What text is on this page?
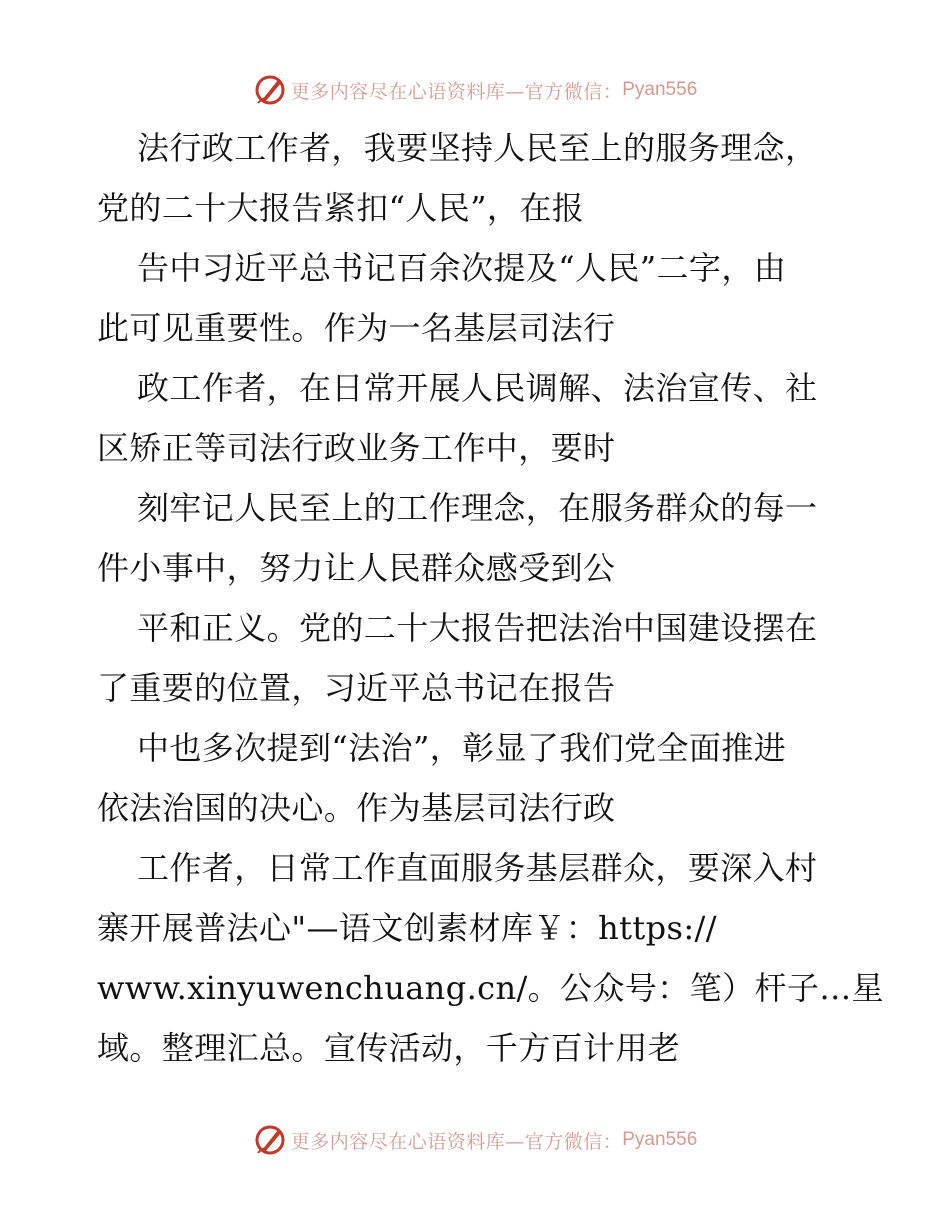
更多内容尽在心语资料库—官方微信： Pyan556
法行政工作者，我要坚持人民至上的服务理念，
党的二十大报告紧扣“人民”，在报
告中习近平总书记百余次提及“人民”二字，由
此可见重要性。作为一名基层司法行
政工作者，在日常开展人民调解、法治宣传、社
区矫正等司法行政业务工作中，要时
刻牢记人民至上的工作理念，在服务群众的每一
件小事中，努力让人民群众感受到公
平和正义。党的二十大报告把法治中国建设摆在
了重要的位置，习近平总书记在报告
中也多次提到“法治”，彰显了我们党全面推进
依法治国的决心。作为基层司法行政
工作者，日常工作直面服务基层群众，要深入村
寨开展普法心"—语文创素材库￥：https://
www.xinyuwenchuang.cn/。公众号：笔）杆子…星
域。整理汇总。宣传活动，千方百计用老
更多内容尽在心语资料库—官方微信： Pyan556
